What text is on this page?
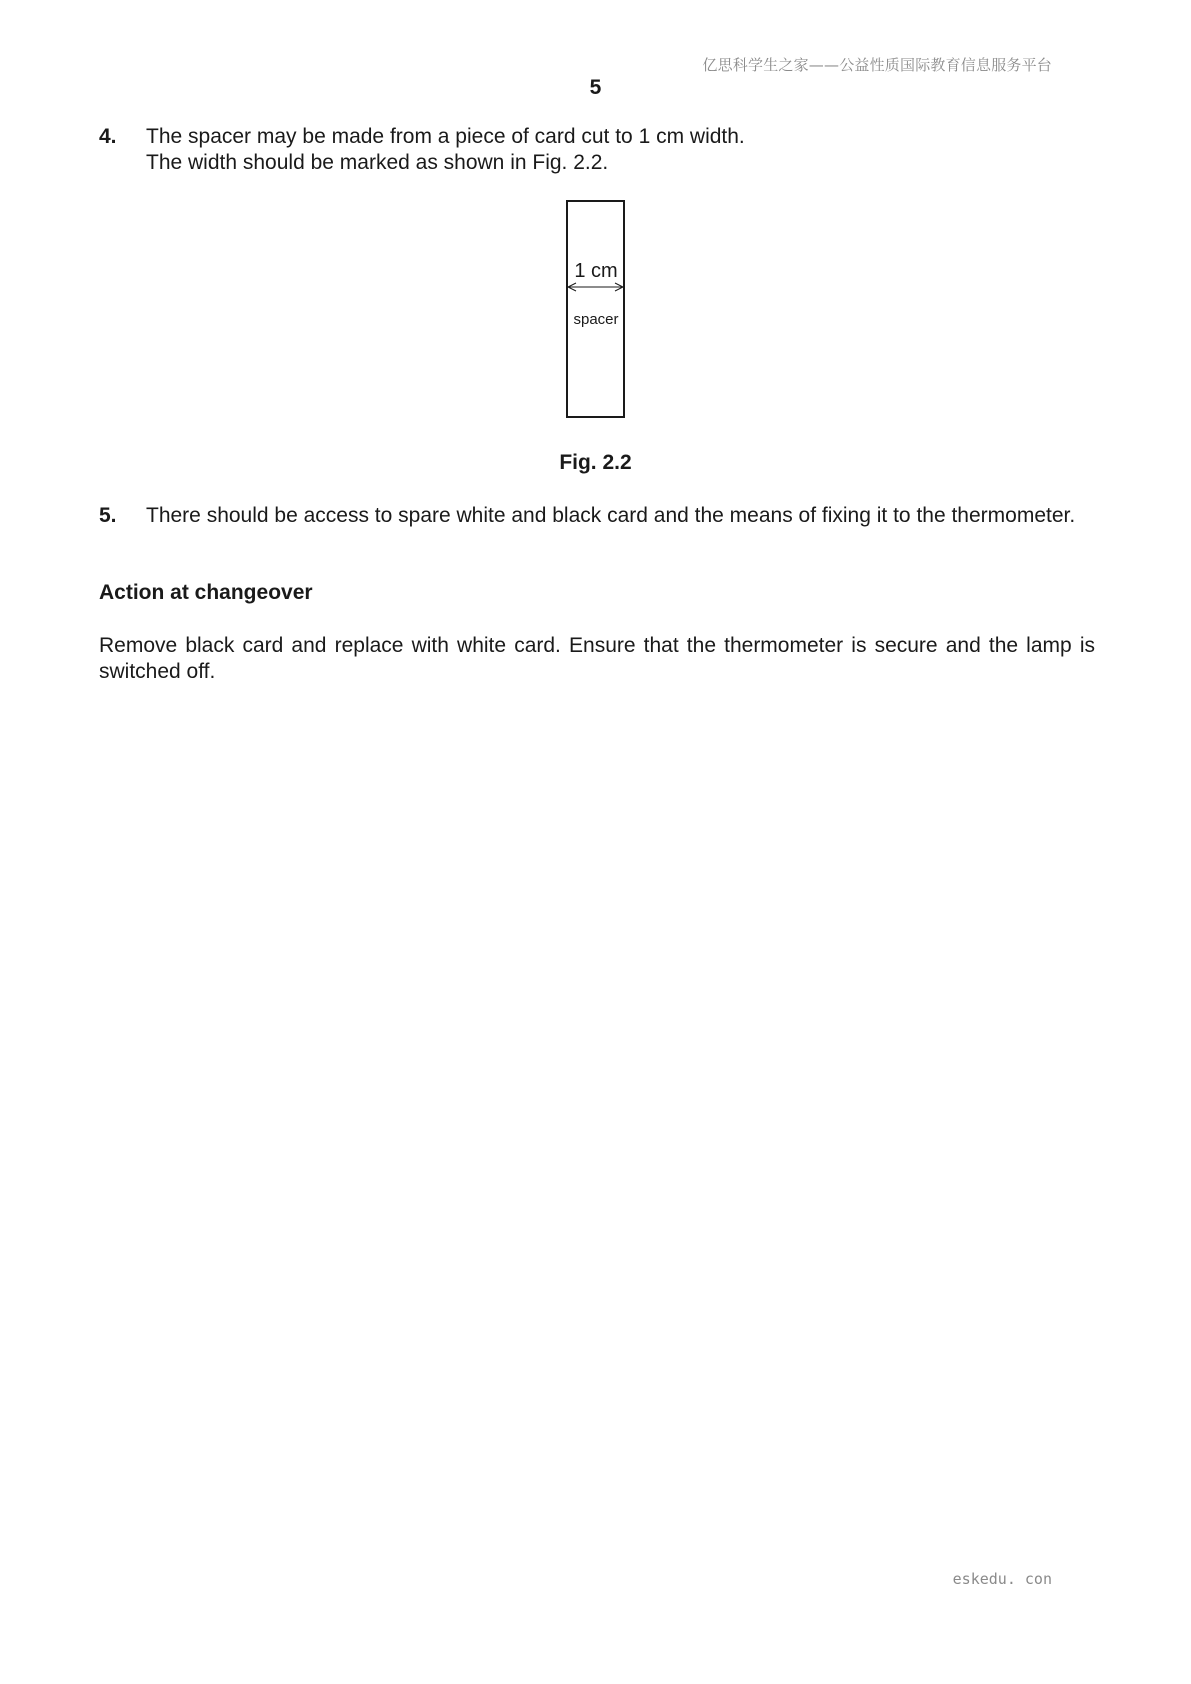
亿思科学生之家——公益性质国际教育信息服务平台
5
4. The spacer may be made from a piece of card cut to 1 cm width.
The width should be marked as shown in Fig. 2.2.
1 cm
spacer
Fig. 2.2
5. There should be access to spare white and black card and the means of fixing it to the thermometer.
Action at changeover
Remove black card and replace with white card. Ensure that the thermometer is secure and the lamp is switched off.
eskedu. con
